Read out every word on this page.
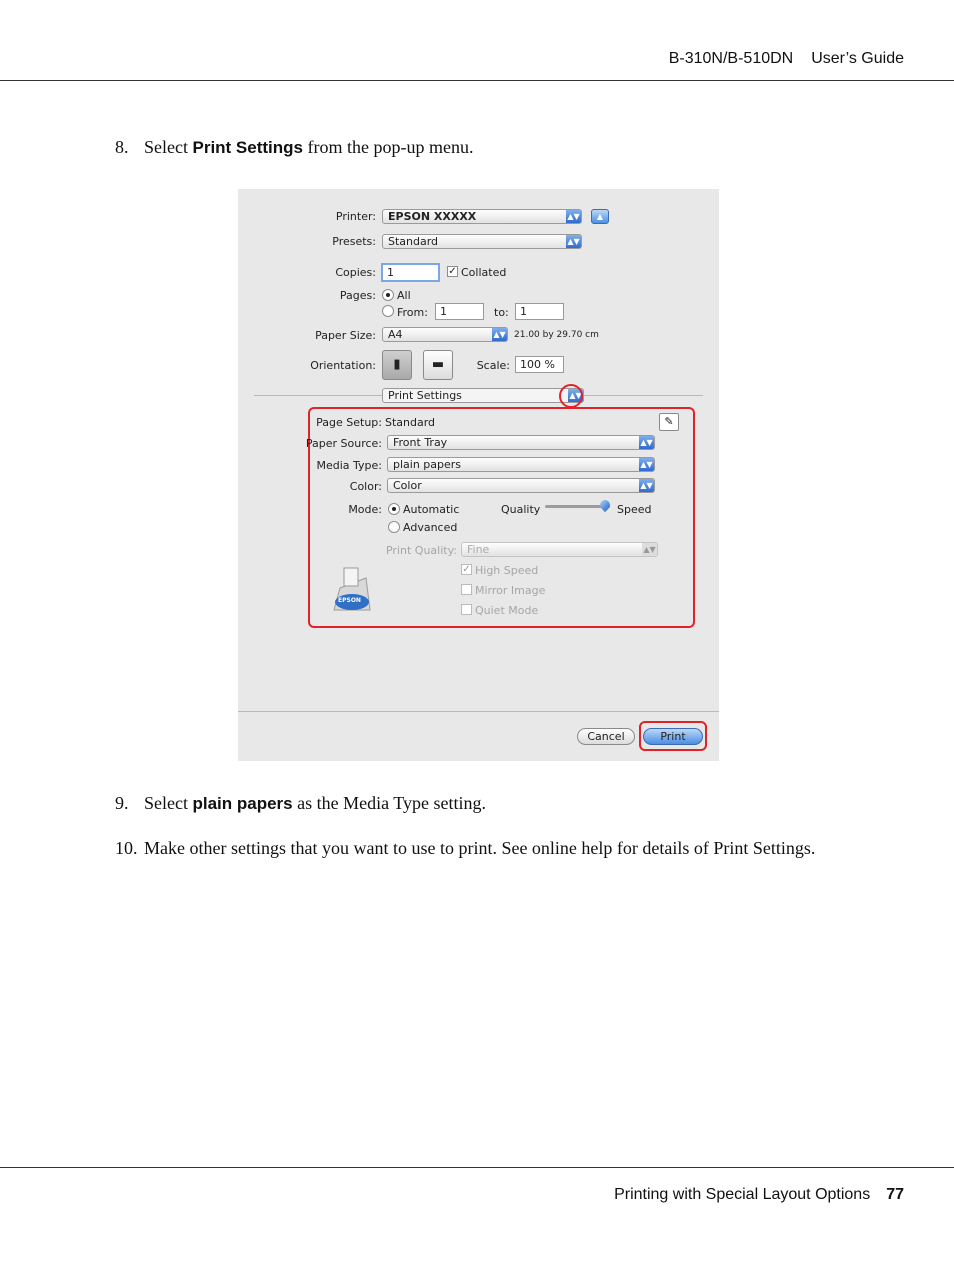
B-310N/B-510DN User’s Guide
8. Select Print Settings from the pop-up menu.
Printer:	EPSON XXXXX	▲▼	▲
Presets:	Standard	▲▼
Copies:	1	✓ Collated
Pages: All
From:	1	to:	1
Paper Size:	A4	▲▼ 21.00 by 29.70 cm
Orientation:	▮	▬	Scale: 100 %
Print Settings	▲▼
Page Setup: Standard	✎
Paper Source:	Front Tray	▲▼
Media Type:	plain papers	▲▼
Color:	Color	▲▼
Mode: Automatic
Advanced
Quality	Speed
Print Quality: Fine	▲▼
✓ High Speed
Mirror Image
Quiet Mode
EPSON
Cancel	Print
9. Select plain papers as the Media Type setting.
10. Make other settings that you want to use to print. See online help for details of Print Settings.
Printing with Special Layout Options 77
